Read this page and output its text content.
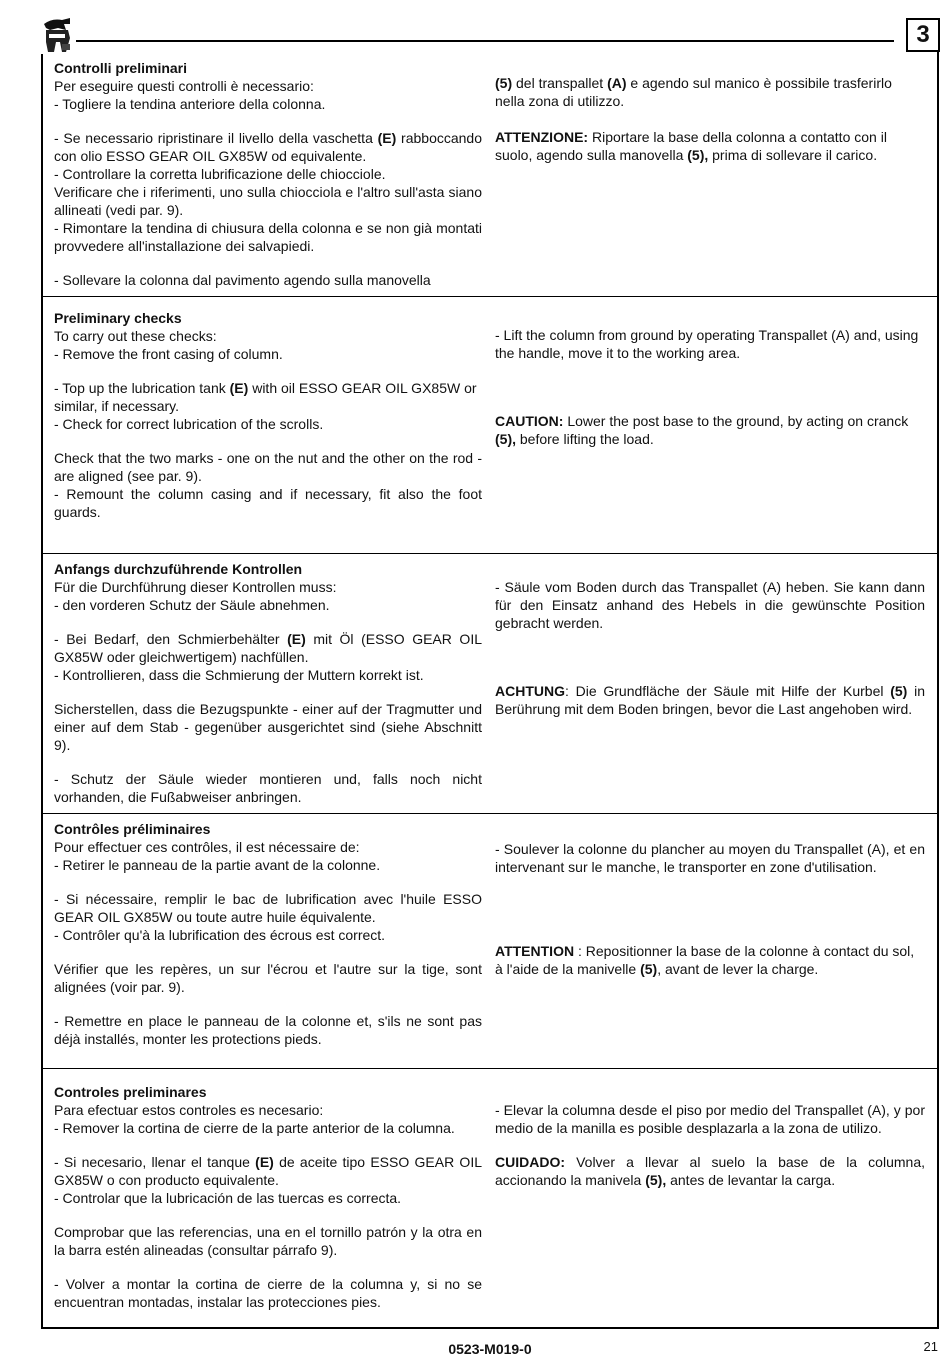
3

Controlli preliminari

Per eseguire questi controlli è necessario:

- Togliere la tendina anteriore della colonna.

- Se necessario ripristinare il livello della vaschetta (E) rabboccando con olio ESSO GEAR OIL GX85W od equivalente.

- Controllare la corretta lubrificazione delle chiocciole.

Verificare che i riferimenti, uno sulla chiocciola e l'altro sull'asta siano allineati (vedi par. 9).

- Rimontare la tendina di chiusura della colonna e se non già montati provvedere all'installazione dei salvapiedi.

- Sollevare la colonna dal pavimento agendo sulla manovella

(5) del transpallet (A) e agendo sul manico è possibile trasferirlo nella zona di utilizzo.

ATTENZIONE: Riportare la base della colonna a contatto con il suolo, agendo sulla manovella (5), prima di sollevare il carico.

Preliminary checks

To carry out these checks:

- Remove the front casing of column.

- Top up the lubrication tank (E) with oil ESSO GEAR OIL GX85W or similar, if necessary.

- Check for correct lubrication of the scrolls.

Check that the two marks - one on the nut and the other on the rod - are aligned (see par. 9).

- Remount the column casing and if necessary, fit also the foot guards.

- Lift the column from ground by operating Transpallet (A) and, using the handle, move it to the working area.

CAUTION: Lower the post base to the ground, by acting on cranck (5), before lifting the load.

Anfangs durchzuführende Kontrollen

Für die Durchführung dieser Kontrollen muss:

- den vorderen Schutz der Säule abnehmen.

- Bei Bedarf, den Schmierbehälter (E) mit Öl (ESSO GEAR OIL GX85W oder gleichwertigem) nachfüllen.

- Kontrollieren, dass die Schmierung der Muttern korrekt ist.

Sicherstellen, dass die Bezugspunkte - einer auf der Tragmutter und einer auf dem Stab - gegenüber ausgerichtet sind (siehe Abschnitt 9).

- Schutz der Säule wieder montieren und, falls noch nicht vorhanden, die Fußabweiser anbringen.

- Säule vom Boden durch das Transpallet (A) heben. Sie kann dann für den Einsatz anhand des Hebels in die gewünschte Position gebracht werden.

ACHTUNG: Die Grundfläche der Säule mit Hilfe der Kurbel (5) in Berührung mit dem Boden bringen, bevor die Last angehoben wird.

Contrôles préliminaires

Pour effectuer ces contrôles, il est nécessaire de:

- Retirer le panneau de la partie avant de la colonne.

- Si nécessaire, remplir le bac de lubrification avec l'huile ESSO GEAR OIL GX85W ou toute autre huile équivalente.

- Contrôler qu'à la lubrification des écrous est correct.

Vérifier que les repères, un sur l'écrou et l'autre sur la tige, sont alignées (voir par. 9).

- Remettre en place le panneau de la colonne et, s'ils ne sont pas déjà installés, monter les protections pieds.

- Soulever la colonne du plancher au moyen du Transpallet (A), et en intervenant sur le manche, le transporter en zone d'utilisation.

ATTENTION : Repositionner la base de la colonne à contact du sol, à l'aide de la manivelle (5), avant de lever la charge.

Controles preliminares

Para efectuar estos controles es necesario:

- Remover la cortina de cierre de la parte anterior de la columna.

- Si necesario, llenar el tanque (E) de aceite tipo ESSO GEAR OIL GX85W o con producto equivalente.

- Controlar que la lubricación de las tuercas es correcta.

Comprobar que las referencias, una en el tornillo patrón y la otra en la barra estén alineadas (consultar párrafo 9).

- Volver a montar la cortina de cierre de la columna y, si no se encuentran montadas, instalar las protecciones pies.

- Elevar la columna desde el piso por medio del Transpallet (A), y por medio de la manilla es posible desplazarla a la zona de utilizo.

CUIDADO: Volver a llevar al suelo la base de la columna, accionando la manivela (5), antes de levantar la carga.

0523-M019-0	21
